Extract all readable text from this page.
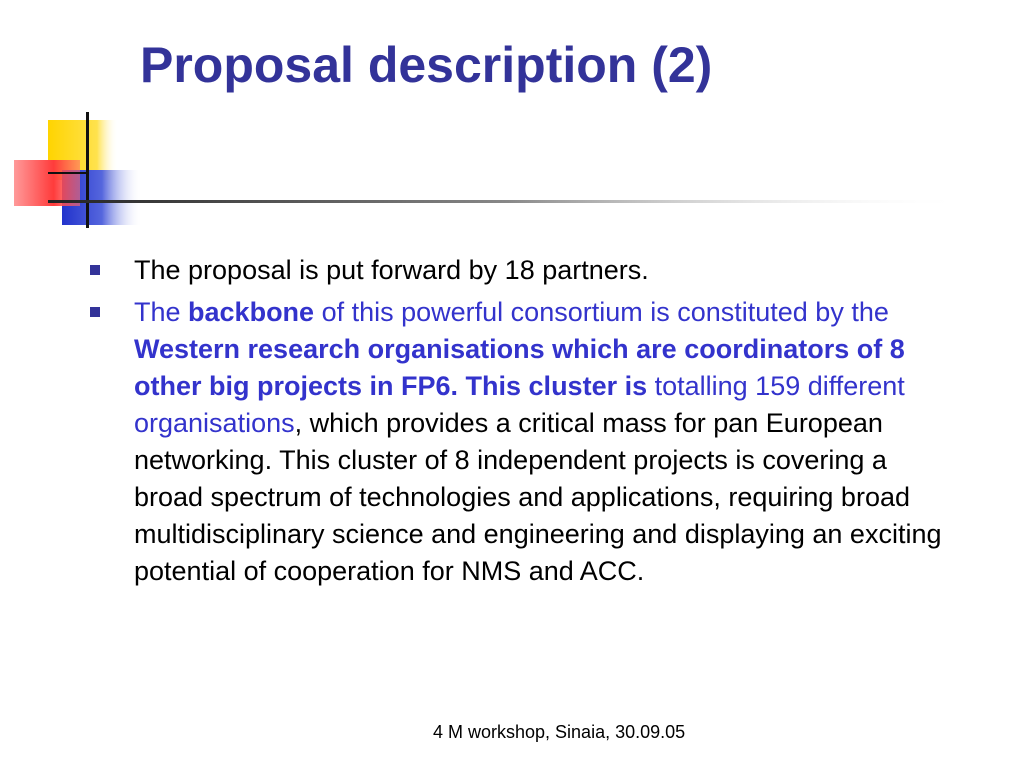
Proposal description (2)
The proposal is put forward by 18 partners.
The backbone of this powerful consortium is constituted by the Western research organisations which are coordinators of 8 other big projects in FP6. This cluster is totalling 159 different organisations, which provides a critical mass for pan European networking. This cluster of 8 independent projects is covering a broad spectrum of technologies and applications, requiring broad multidisciplinary science and engineering and displaying an exciting potential of cooperation for NMS and ACC.
4 M workshop, Sinaia, 30.09.05
